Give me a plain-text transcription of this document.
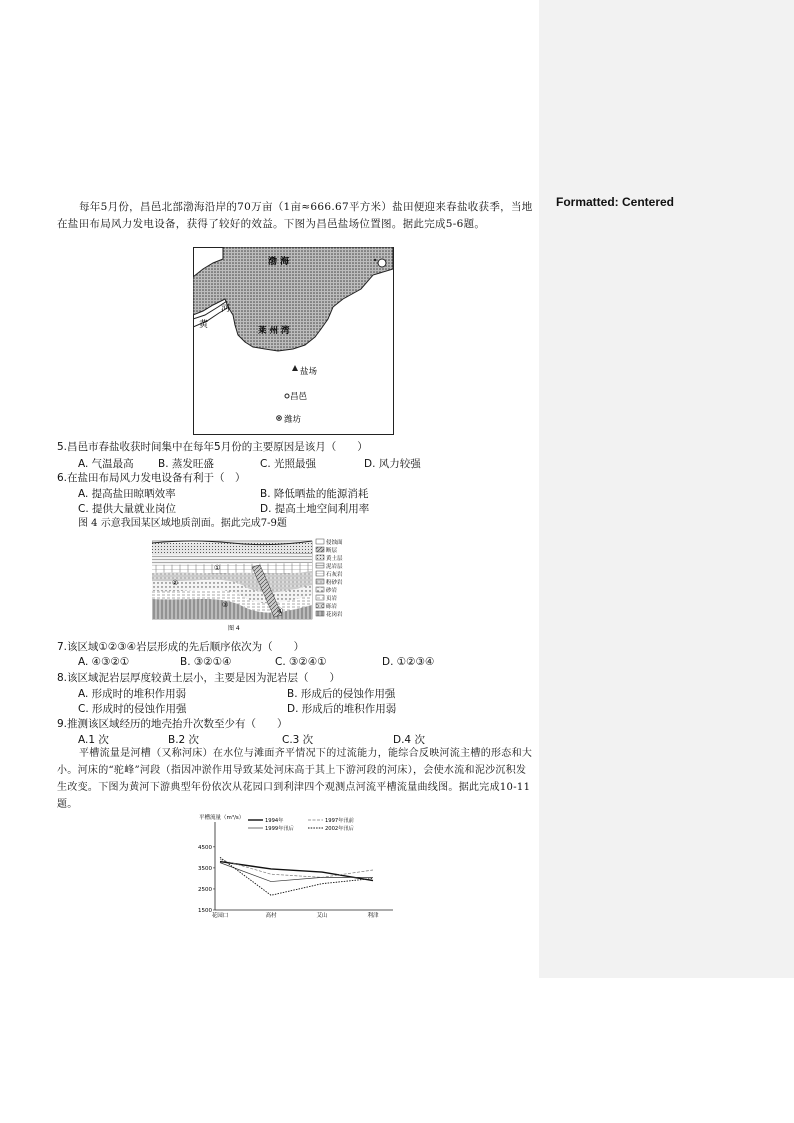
Formatted: Centered
每年5月份，昌邑北部渤海沿岸的70万亩（1亩≈666.67平方米）盐田便迎来春盐收获季，当地在盐田布局风力发电设备，获得了较好的效益。下图为昌邑盐场位置图。据此完成5-6题。
渤 海
莱 州 湾
黄
河
盐场
昌邑
潍坊
5.昌邑市春盐收获时间集中在每年5月份的主要原因是该月（　　）
A. 气温最高 B. 蒸发旺盛	C. 光照最强	D. 风力较强
6.在盐田布局风力发电设备有利于（　）
A. 提高盐田晾晒效率	B. 降低晒盐的能源消耗
C. 提供大量就业岗位	D. 提高土地空间利用率
图 4 示意我国某区域地质剖面。据此完成7-9题
①
②
③
④
侵蚀面
断层
黄土层
泥岩层
石灰岩
粉砂岩
砂岩
页岩
砾岩
花岗岩
图 4
7.该区域①②③④岩层形成的先后顺序依次为（　　）
A. ④③②①	B. ③②①④	C. ③②④①	D. ①②③④
8.该区域泥岩层厚度较黄土层小，主要是因为泥岩层（　　）
A. 形成时的堆积作用弱	B. 形成后的侵蚀作用强
C. 形成时的侵蚀作用强	D. 形成后的堆积作用弱
9.推测该区域经历的地壳抬升次数至少有（　　）
A.1 次	B.2 次	C.3 次	D.4 次
平槽流量是河槽（又称河床）在水位与滩面齐平情况下的过流能力，能综合反映河流主槽的形态和大小。河床的“驼峰”河段（指因冲淤作用导致某处河床高于其上下游河段的河床），会使水流和泥沙沉积发生改变。下图为黄河下游典型年份依次从花园口到利津四个观测点河流平槽流量曲线图。据此完成10-11题。
平槽流量（m³/s）	1994年	1997年汛前
1999年汛后	2002年汛后
1500
2500
3500
4500
花园口	高村	艾山	利津
